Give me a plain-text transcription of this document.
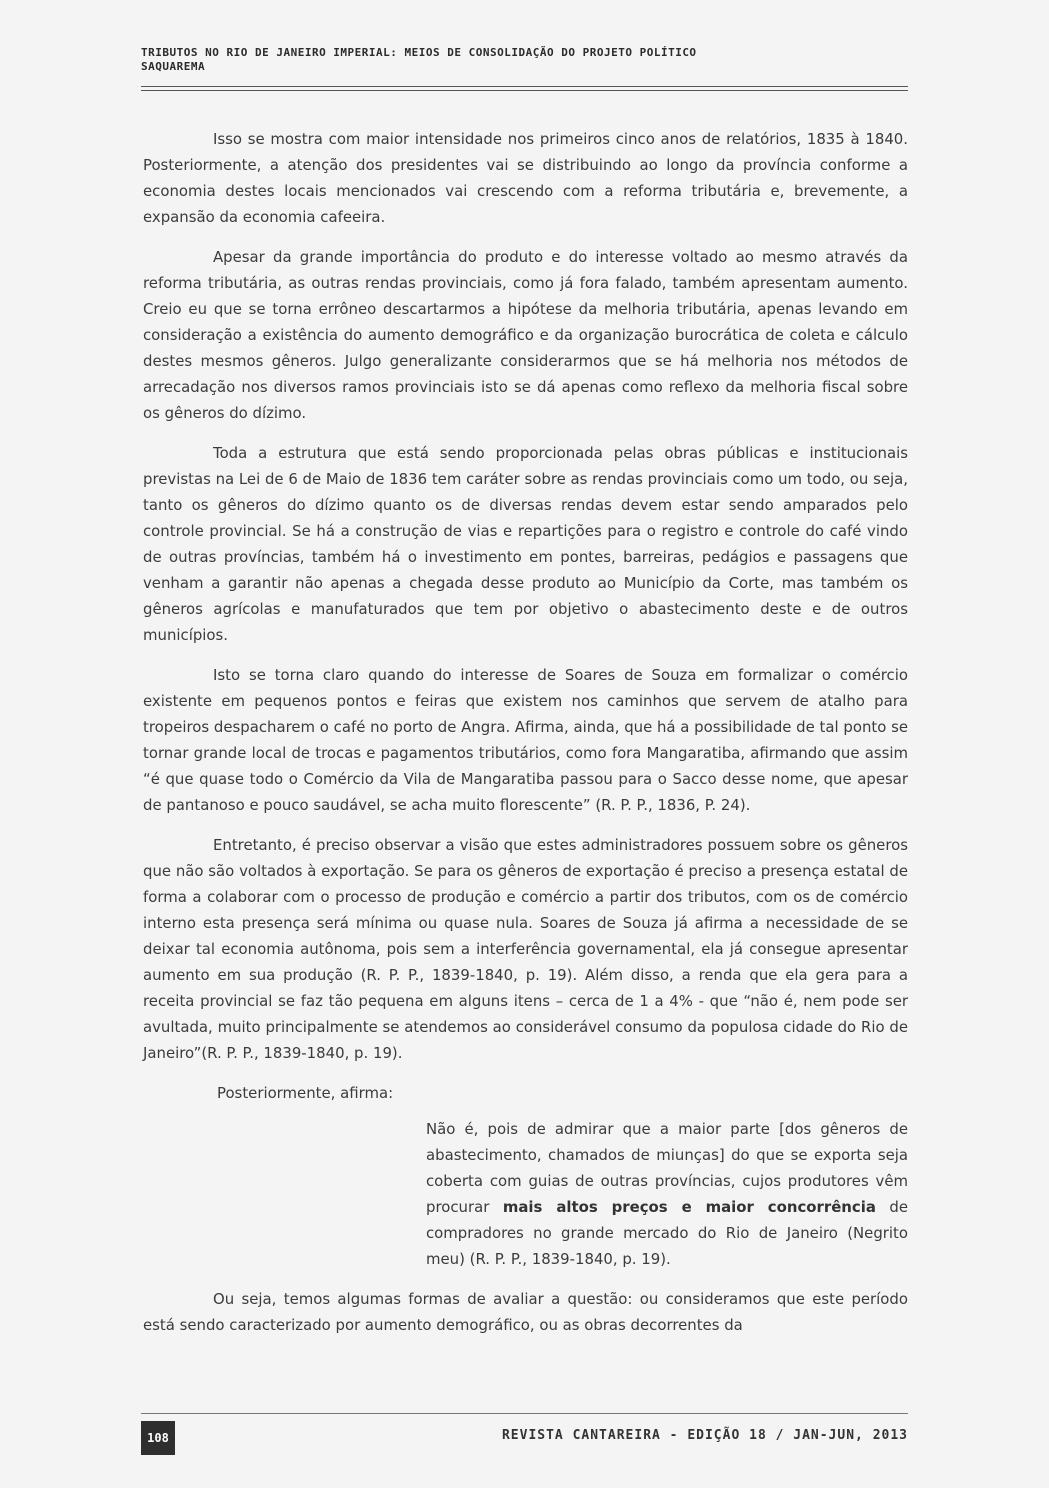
TRIBUTOS NO RIO DE JANEIRO IMPERIAL: MEIOS DE CONSOLIDAÇÃO DO PROJETO POLÍTICO SAQUAREMA

Isso se mostra com maior intensidade nos primeiros cinco anos de relatórios, 1835 à 1840. Posteriormente, a atenção dos presidentes vai se distribuindo ao longo da província conforme a economia destes locais mencionados vai crescendo com a reforma tributária e, brevemente, a expansão da economia cafeeira.

Apesar da grande importância do produto e do interesse voltado ao mesmo através da reforma tributária, as outras rendas provinciais, como já fora falado, também apresentam aumento. Creio eu que se torna errôneo descartarmos a hipótese da melhoria tributária, apenas levando em consideração a existência do aumento demográfico e da organização burocrática de coleta e cálculo destes mesmos gêneros. Julgo generalizante considerarmos que se há melhoria nos métodos de arrecadação nos diversos ramos provinciais isto se dá apenas como reflexo da melhoria fiscal sobre os gêneros do dízimo.

Toda a estrutura que está sendo proporcionada pelas obras públicas e institucionais previstas na Lei de 6 de Maio de 1836 tem caráter sobre as rendas provinciais como um todo, ou seja, tanto os gêneros do dízimo quanto os de diversas rendas devem estar sendo amparados pelo controle provincial. Se há a construção de vias e repartições para o registro e controle do café vindo de outras províncias, também há o investimento em pontes, barreiras, pedágios e passagens que venham a garantir não apenas a chegada desse produto ao Município da Corte, mas também os gêneros agrícolas e manufaturados que tem por objetivo o abastecimento deste e de outros municípios.

Isto se torna claro quando do interesse de Soares de Souza em formalizar o comércio existente em pequenos pontos e feiras que existem nos caminhos que servem de atalho para tropeiros despacharem o café no porto de Angra. Afirma, ainda, que há a possibilidade de tal ponto se tornar grande local de trocas e pagamentos tributários, como fora Mangaratiba, afirmando que assim “é que quase todo o Comércio da Vila de Mangaratiba passou para o Sacco desse nome, que apesar de pantanoso e pouco saudável, se acha muito florescente” (R. P. P., 1836, P. 24).

Entretanto, é preciso observar a visão que estes administradores possuem sobre os gêneros que não são voltados à exportação. Se para os gêneros de exportação é preciso a presença estatal de forma a colaborar com o processo de produção e comércio a partir dos tributos, com os de comércio interno esta presença será mínima ou quase nula. Soares de Souza já afirma a necessidade de se deixar tal economia autônoma, pois sem a interferência governamental, ela já consegue apresentar aumento em sua produção (R. P. P., 1839-1840, p. 19). Além disso, a renda que ela gera para a receita provincial se faz tão pequena em alguns itens – cerca de 1 a 4% - que “não é, nem pode ser avultada, muito principalmente se atendemos ao considerável consumo da populosa cidade do Rio de Janeiro”(R. P. P., 1839-1840, p. 19).

Posteriormente, afirma:

Não é, pois de admirar que a maior parte [dos gêneros de abastecimento, chamados de miunças] do que se exporta seja coberta com guias de outras províncias, cujos produtores vêm procurar mais altos preços e maior concorrência de compradores no grande mercado do Rio de Janeiro (Negrito meu) (R. P. P., 1839-1840, p. 19).

Ou seja, temos algumas formas de avaliar a questão: ou consideramos que este período está sendo caracterizado por aumento demográfico, ou as obras decorrentes da

108	REVISTA CANTAREIRA - EDIÇÃO 18 / JAN-JUN, 2013
